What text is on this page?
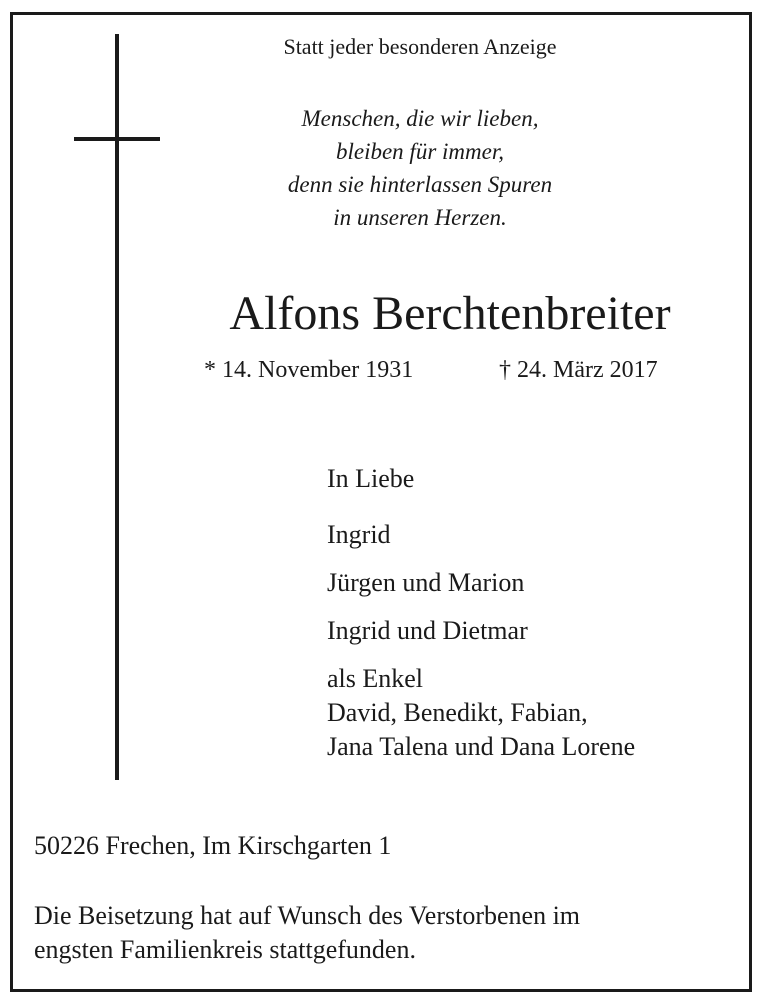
Statt jeder besonderen Anzeige
Menschen, die wir lieben,
bleiben für immer,
denn sie hinterlassen Spuren
in unseren Herzen.
Alfons Berchtenbreiter
* 14. November 1931	† 24. März 2017
In Liebe
Ingrid
Jürgen und Marion
Ingrid und Dietmar
als Enkel
David, Benedikt, Fabian,
Jana Talena und Dana Lorene
50226 Frechen, Im Kirschgarten 1
Die Beisetzung hat auf Wunsch des Verstorbenen im
engsten Familienkreis stattgefunden.
